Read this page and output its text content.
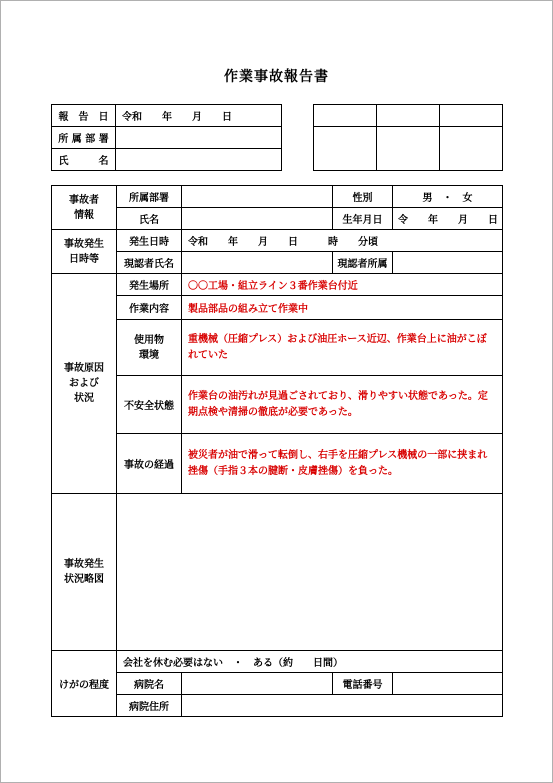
作業事故報告書
報　告　日	令和　　年　　月　　日
所 属 部 署	
氏　　　名	

事故者
情報	所属部署		性別	男　・　女
	氏名		生年月日	令　　年　　月　　日
事故発生
日時等	発生日時	令和　　年　　月　　日　　　時　　分頃		
	現認者氏名		現認者所属	
事故原因
および
状況	発生場所	〇〇工場・組立ライン３番作業台付近		
	作業内容	製品部品の組み立て作業中		
	使用物
環境	重機械（圧縮プレス）および油圧ホース近辺、作業台上に油がこぼれていた		
	不安全状態	作業台の油汚れが見過ごされており、滑りやすい状態であった。定期点検や清掃の徹底が必要であった。		
	事故の経過	被災者が油で滑って転倒し、右手を圧縮プレス機械の一部に挟まれ挫傷（手指３本の腱断・皮膚挫傷）を負った。		
事故発生
状況略図				
けがの程度	会社を休む必要はない　・　ある（約　　日間）			
	病院名		電話番号	
	病院住所			
